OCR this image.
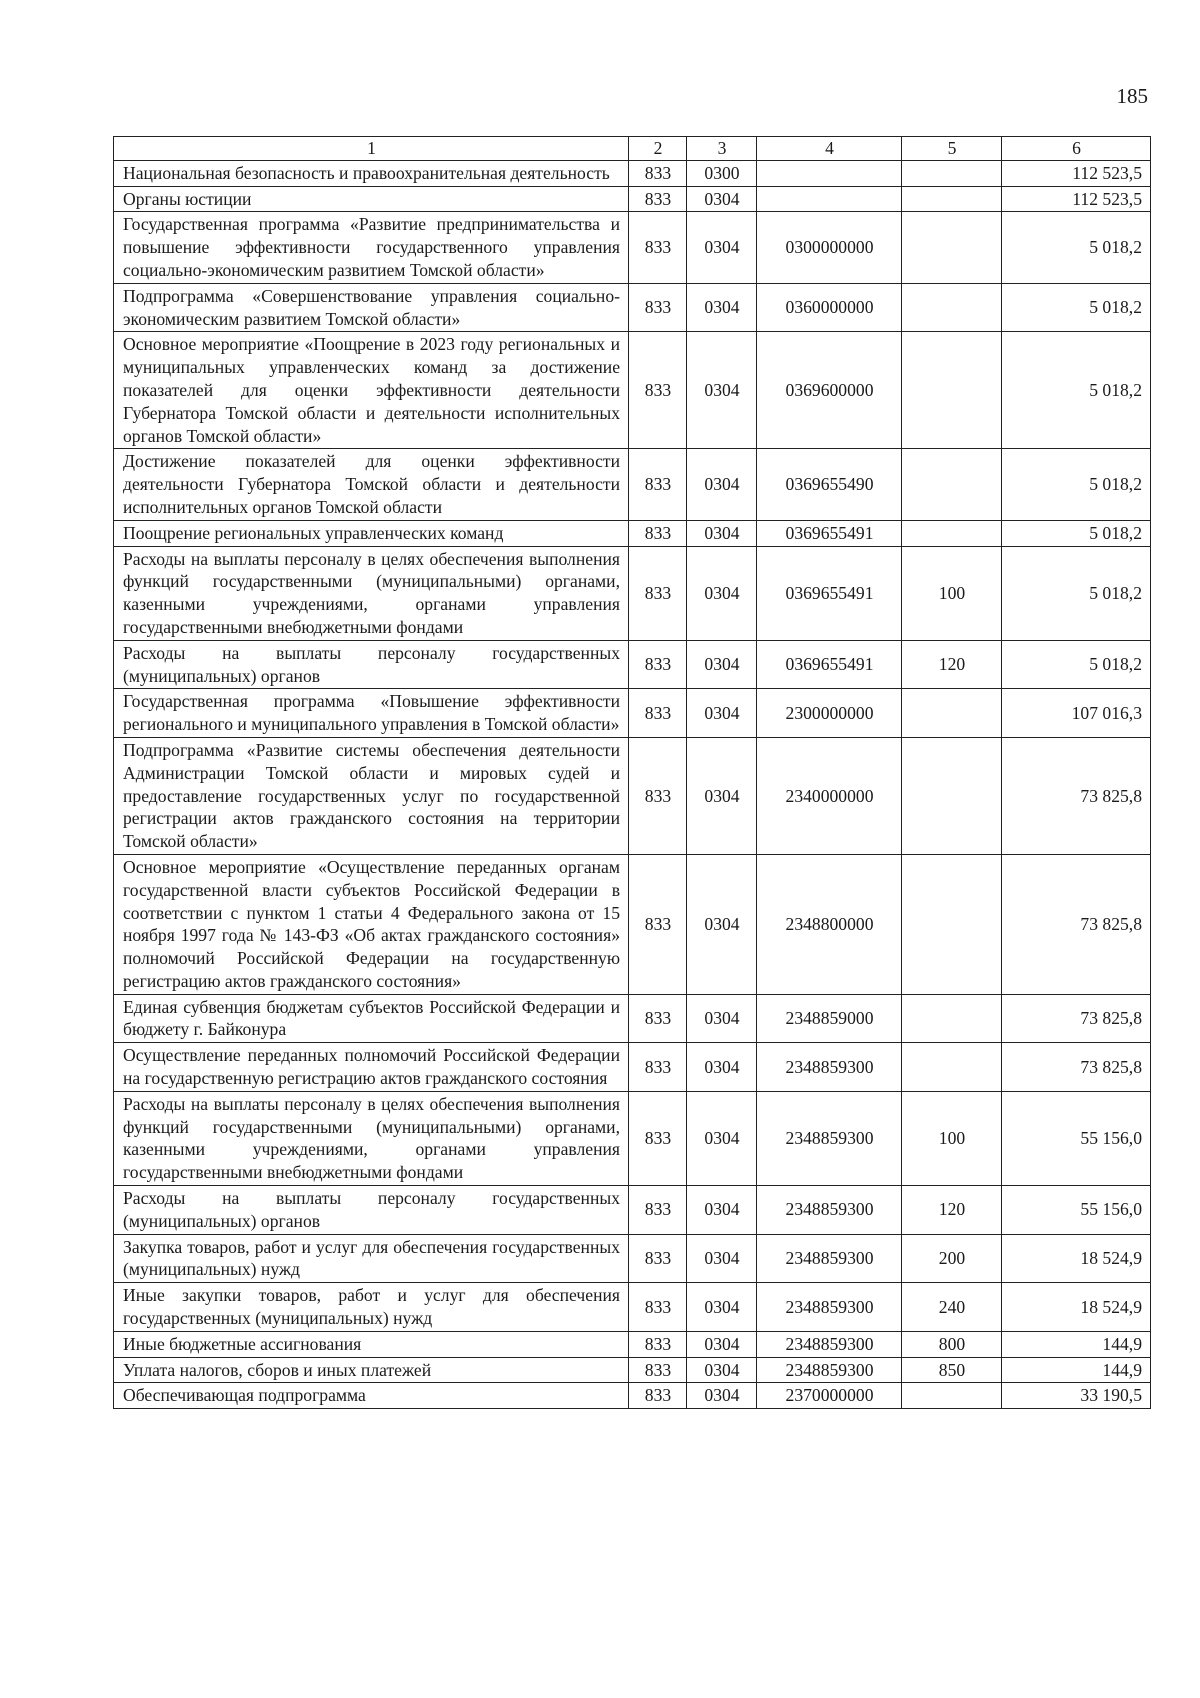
185
1	2	3	4	5	6
Национальная безопасность и правоохранительная деятельность	833	0300			112 523,5
Органы юстиции	833	0304			112 523,5
Государственная программа «Развитие предпринимательства и повышение эффективности государственного управления социально-экономическим развитием Томской области»	833	0304	0300000000		5 018,2
Подпрограмма «Совершенствование управления социально-экономическим развитием Томской области»	833	0304	0360000000		5 018,2
Основное мероприятие «Поощрение в 2023 году региональных и муниципальных управленческих команд за достижение показателей для оценки эффективности деятельности Губернатора Томской области и деятельности исполнительных органов Томской области»	833	0304	0369600000		5 018,2
Достижение показателей для оценки эффективности деятельности Губернатора Томской области и деятельности исполнительных органов Томской области	833	0304	0369655490		5 018,2
Поощрение региональных управленческих команд	833	0304	0369655491		5 018,2
Расходы на выплаты персоналу в целях обеспечения выполнения функций государственными (муниципальными) органами, казенными учреждениями, органами управления государственными внебюджетными фондами	833	0304	0369655491	100	5 018,2
Расходы на выплаты персоналу государственных (муниципальных) органов	833	0304	0369655491	120	5 018,2
Государственная программа «Повышение эффективности регионального и муниципального управления в Томской области»	833	0304	2300000000		107 016,3
Подпрограмма «Развитие системы обеспечения деятельности Администрации Томской области и мировых судей и предоставление государственных услуг по государственной регистрации актов гражданского состояния на территории Томской области»	833	0304	2340000000		73 825,8
Основное мероприятие «Осуществление переданных органам государственной власти субъектов Российской Федерации в соответствии с пунктом 1 статьи 4 Федерального закона от 15 ноября 1997 года № 143-ФЗ «Об актах гражданского состояния» полномочий Российской Федерации на государственную регистрацию актов гражданского состояния»	833	0304	2348800000		73 825,8
Единая субвенция бюджетам субъектов Российской Федерации и бюджету г. Байконура	833	0304	2348859000		73 825,8
Осуществление переданных полномочий Российской Федерации на государственную регистрацию актов гражданского состояния	833	0304	2348859300		73 825,8
Расходы на выплаты персоналу в целях обеспечения выполнения функций государственными (муниципальными) органами, казенными учреждениями, органами управления государственными внебюджетными фондами	833	0304	2348859300	100	55 156,0
Расходы на выплаты персоналу государственных (муниципальных) органов	833	0304	2348859300	120	55 156,0
Закупка товаров, работ и услуг для обеспечения государственных (муниципальных) нужд	833	0304	2348859300	200	18 524,9
Иные закупки товаров, работ и услуг для обеспечения государственных (муниципальных) нужд	833	0304	2348859300	240	18 524,9
Иные бюджетные ассигнования	833	0304	2348859300	800	144,9
Уплата налогов, сборов и иных платежей	833	0304	2348859300	850	144,9
Обеспечивающая подпрограмма	833	0304	2370000000		33 190,5
